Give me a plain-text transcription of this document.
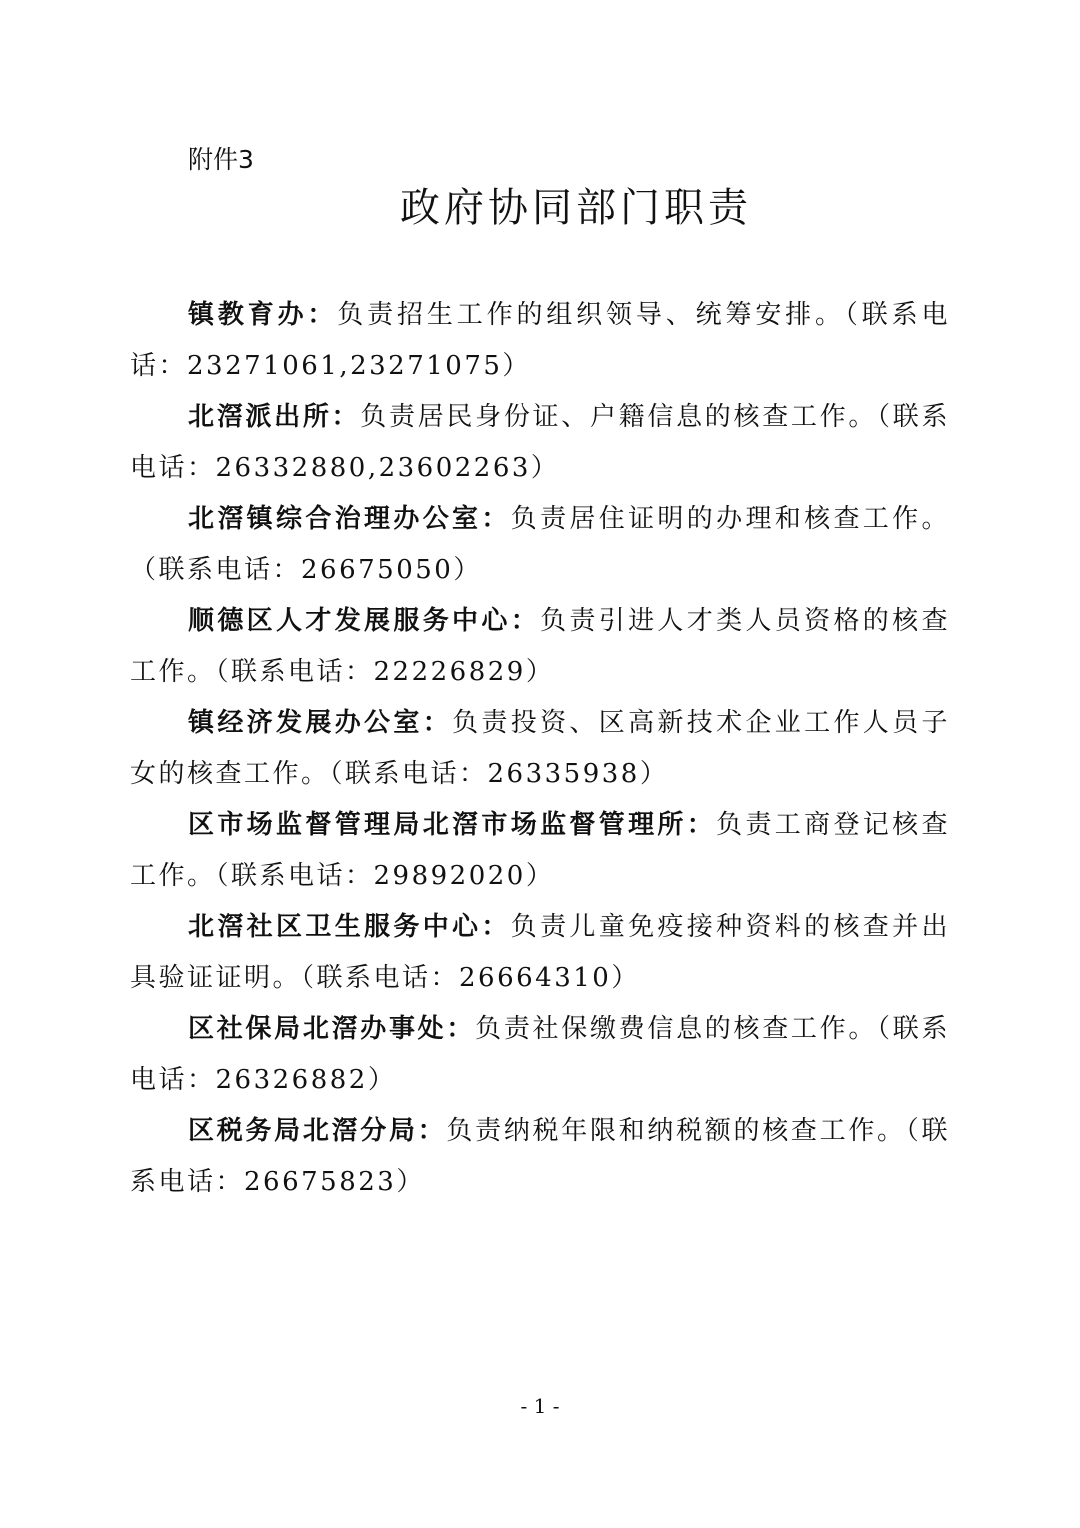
附件3

政府协同部门职责

镇教育办：负责招生工作的组织领导、统筹安排。（联系电话：23271061,23271075）

北滘派出所：负责居民身份证、户籍信息的核查工作。（联系电话：26332880,23602263）

北滘镇综合治理办公室：负责居住证明的办理和核查工作。（联系电话：26675050）

顺德区人才发展服务中心：负责引进人才类人员资格的核查工作。（联系电话：22226829）

镇经济发展办公室：负责投资、区高新技术企业工作人员子女的核查工作。（联系电话：26335938）

区市场监督管理局北滘市场监督管理所：负责工商登记核查工作。（联系电话：29892020）

北滘社区卫生服务中心：负责儿童免疫接种资料的核查并出具验证证明。（联系电话：26664310）

区社保局北滘办事处：负责社保缴费信息的核查工作。（联系电话：26326882）

区税务局北滘分局：负责纳税年限和纳税额的核查工作。（联系电话：26675823）

- 1 -
